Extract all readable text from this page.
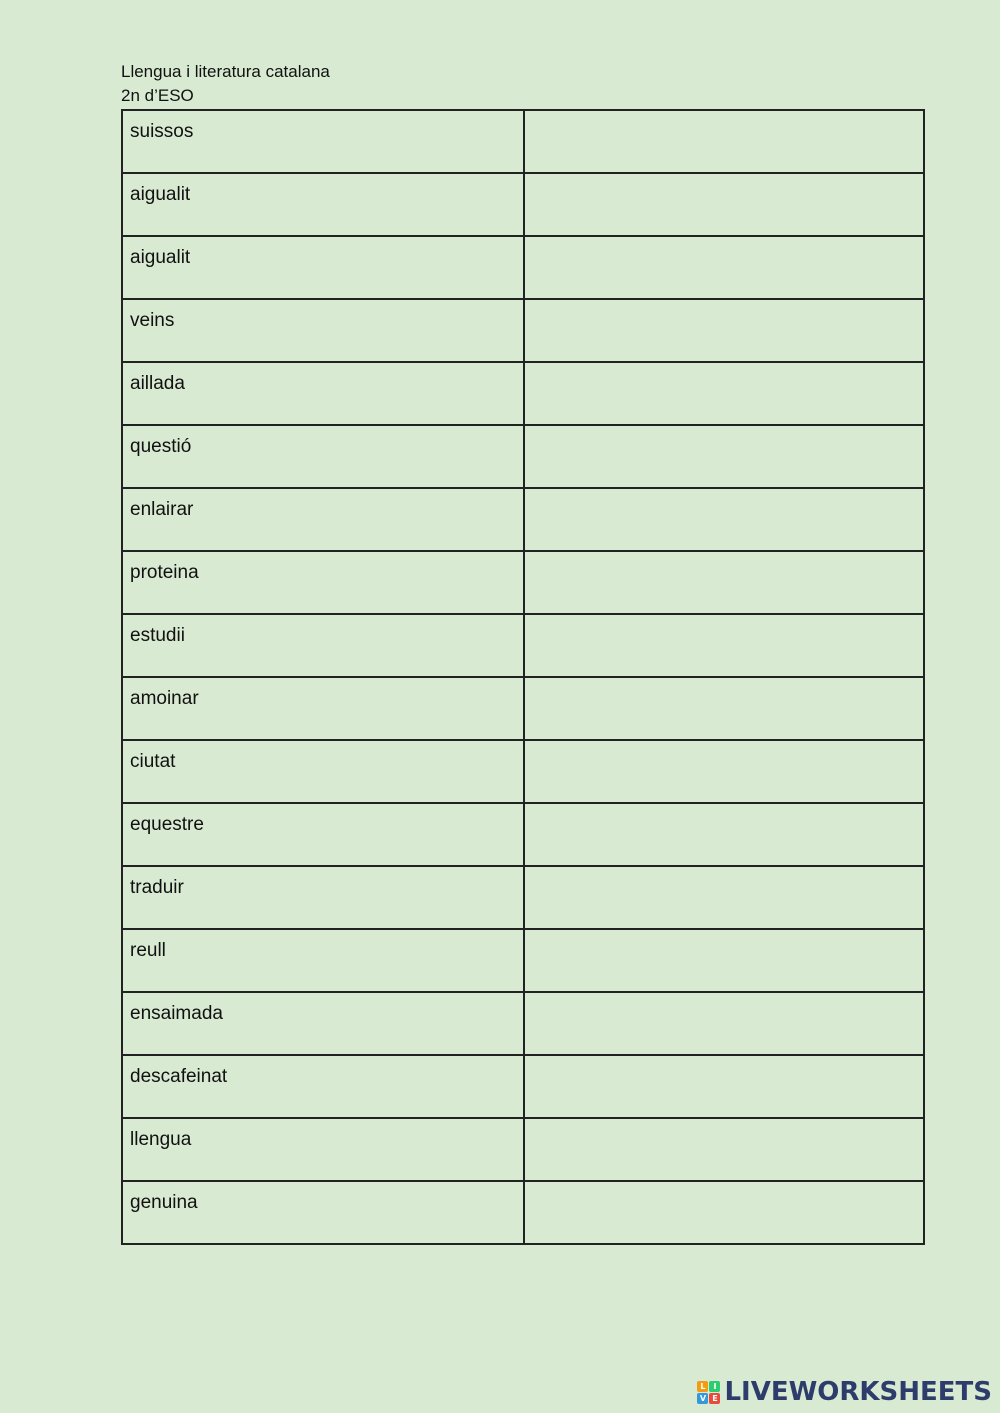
Llengua i literatura catalana
2n d’ESO
suissos

aigualit

aigualit

veins

aillada

questió

enlairar

proteina

estudii

amoinar

ciutat

equestre

traduir

reull

ensaimada

descafeinat

llengua

genuina

L I
V E LIVEWORKSHEETS
